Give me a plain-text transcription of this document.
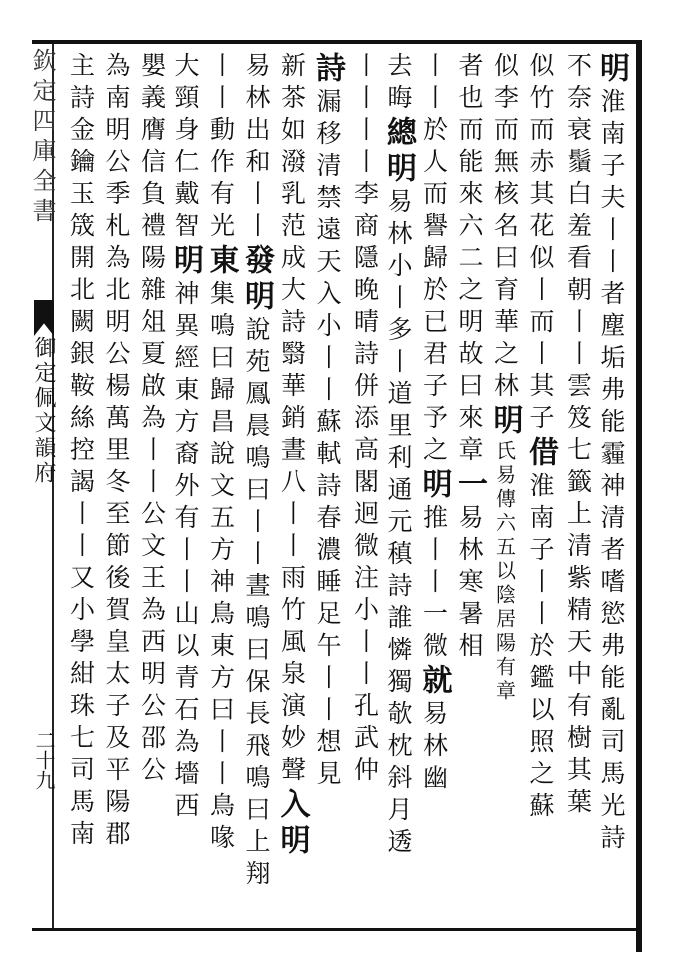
欽定四庫全書
御定佩文韻府
二十九
明淮南子夫丨丨者塵垢弗能霾神清者嗜慾弗能亂司馬光詩
不奈衰鬚白羞看朝丨丨雲笈七籤上清紫精天中有樹其葉
似竹而赤其花似丨而丨其子借淮南子丨丨於鑑以照之蘇
似李而無核名曰育華之林明氏易傳六五以陰居陽有章
者也而能來六二之明故曰來章一易林寒暑相
丨丨於人而譽歸於已君子予之明推丨丨一微就易林幽
去晦總明易林小丨多丨道里利通元稹詩誰憐獨欹枕斜月透
丨丨丨丨李商隱晚晴詩併添高閣迥微注小丨丨孔武仲
詩漏移清禁遠天入小丨丨蘇軾詩春濃睡足午丨丨想見
新茶如潑乳范成大詩翳華銷晝八丨丨雨竹風泉演妙聲入明
易林出和丨丨發明說苑鳳晨鳴曰丨丨晝鳴曰保長飛鳴曰上翔
丨丨動作有光東集鳴曰歸昌說文五方神鳥東方曰丨丨鳥喙
大頸身仁戴智明神異經東方裔外有丨丨山以青石為墻西
嬰義膺信負禮陽雜俎夏啟為丨丨公文王為西明公邵公
為南明公季札為北明公楊萬里冬至節後賀皇太子及平陽郡
主詩金鑰玉筬開北闕銀鞍絲控謁丨丨又小學紺珠七司馬南
